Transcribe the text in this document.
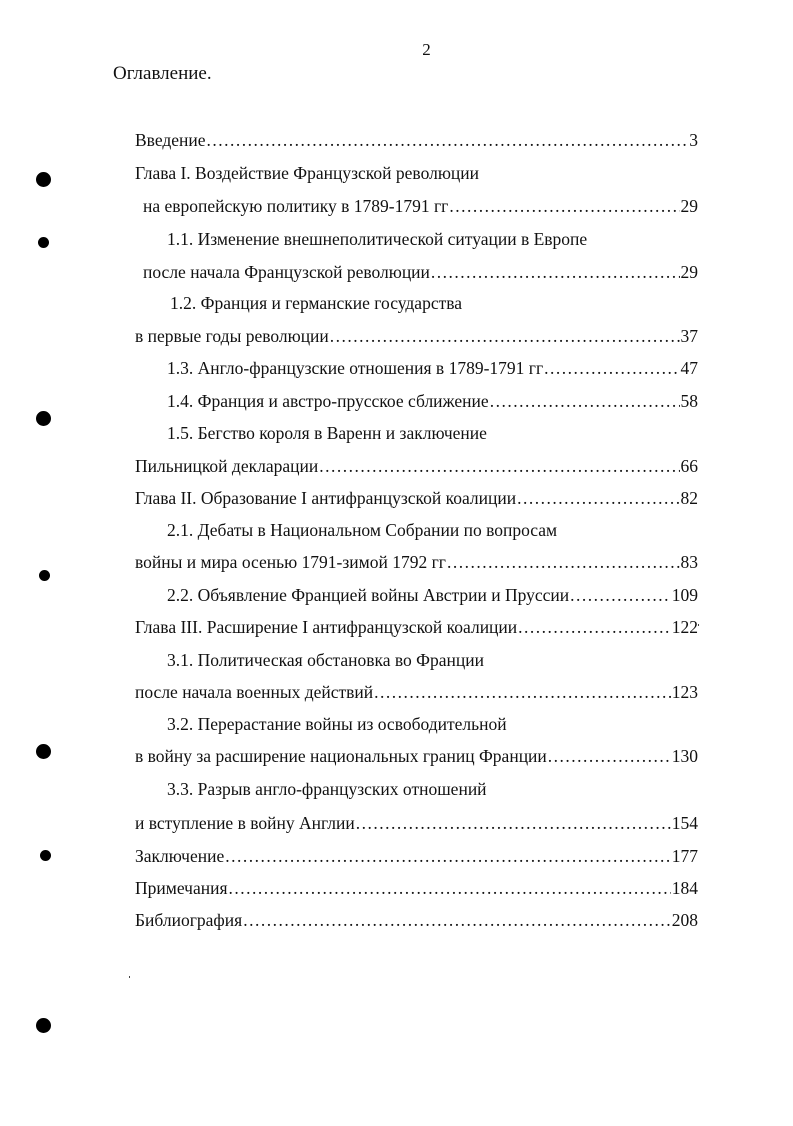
2
Оглавление.
Введение .....	3
Глава I. Воздействие Французской революции
на европейскую политику в 1789-1791 гг .....	29
1.1. Изменение внешнеполитической ситуации в Европе
после начала Французской революции .....	29
1.2. Франция и германские государства
в первые годы революции .....	37
1.3. Англо-французские отношения в 1789-1791 гг .....	47
1.4. Франция и австро-прусское сближение .....	58
1.5. Бегство короля в Варенн и заключение
Пильницкой декларации .....	66
Глава II. Образование I антифранцузской коалиции .....	82
2.1. Дебаты в Национальном Собрании по вопросам
войны и мира осенью 1791-зимой 1792 гг .....	83
2.2. Объявление Францией войны Австрии и Пруссии .....	109
Глава III. Расширение I антифранцузской коалиции .....	122
3.1. Политическая обстановка во Франции
после начала военных действий .....	123
3.2. Перерастание войны из освободительной
в войну за расширение национальных границ Франции .....	130
3.3. Разрыв англо-французских отношений
и вступление в войну Англии .....	154
Заключение .....	177
Примечания .....	184
Библиография .....	208
